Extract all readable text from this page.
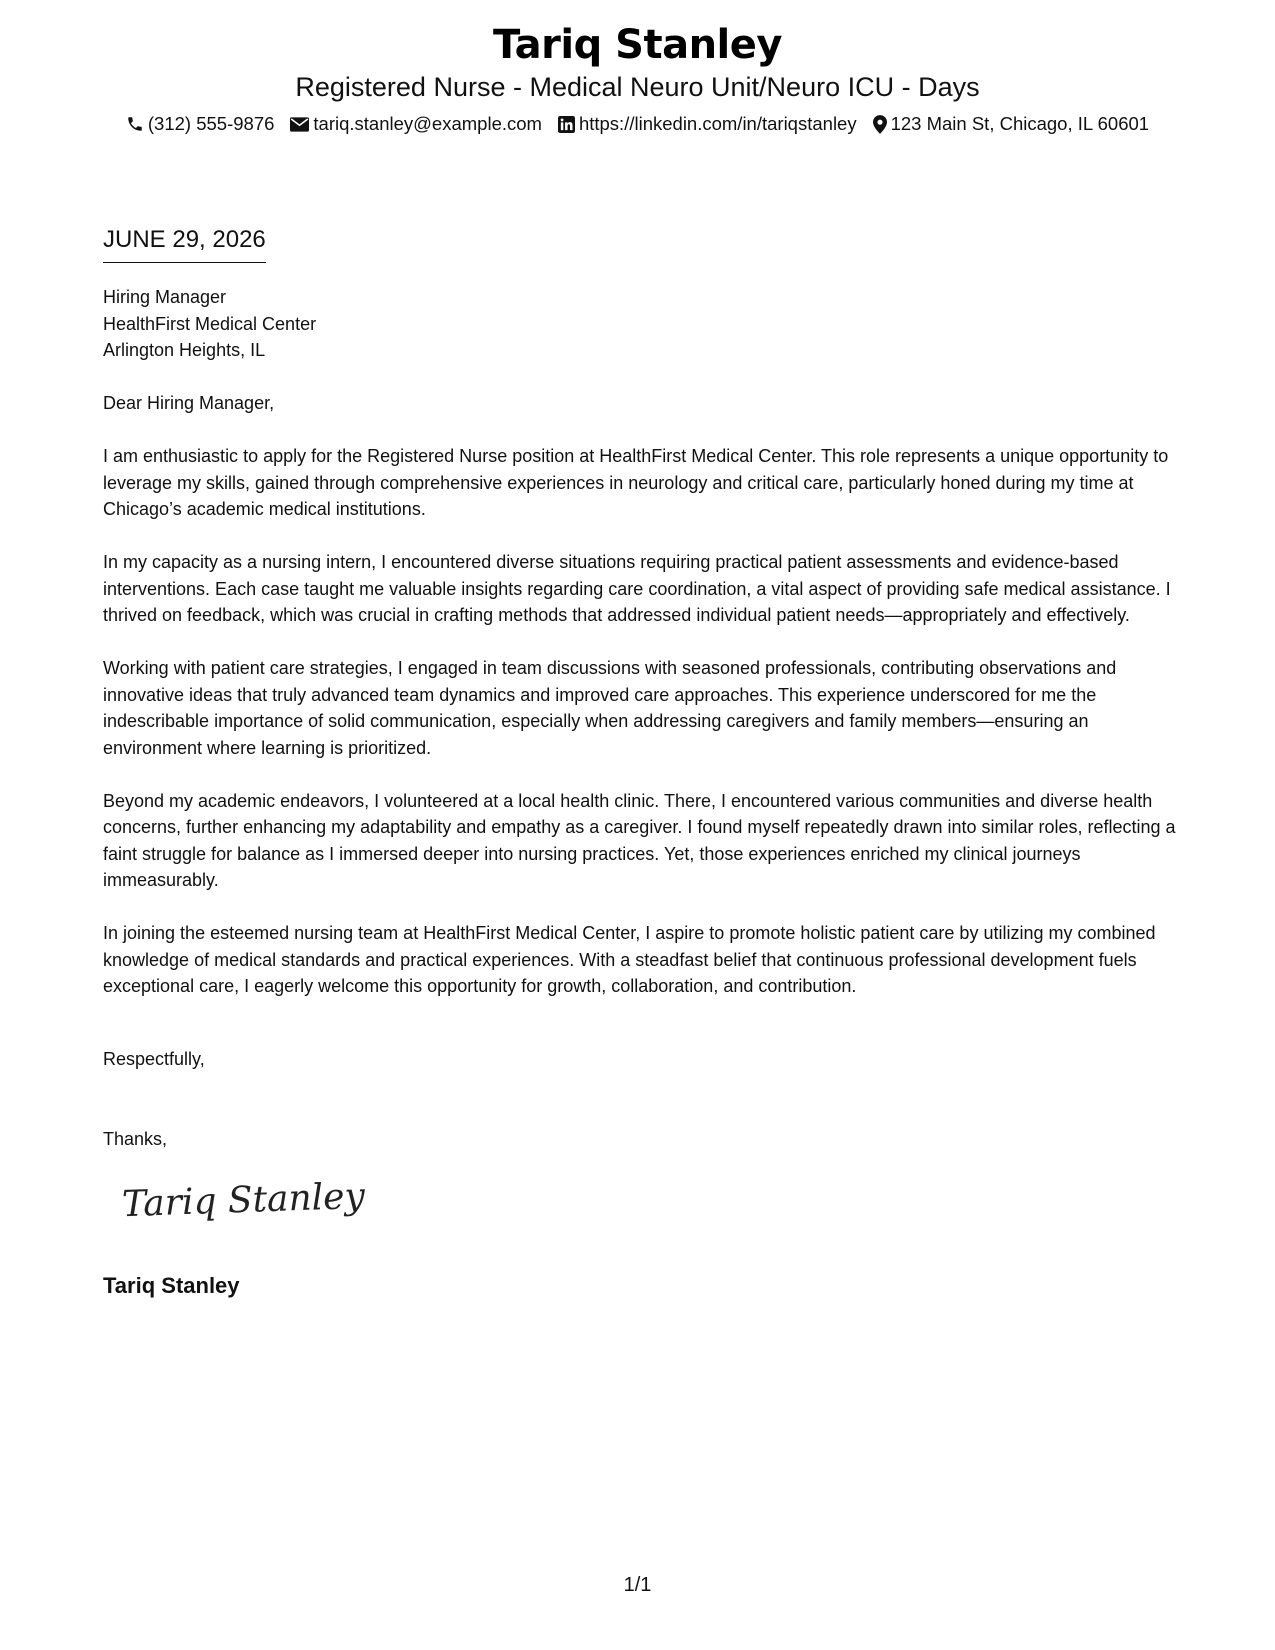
Tariq Stanley
Registered Nurse - Medical Neuro Unit/Neuro ICU - Days
(312) 555-9876 tariq.stanley@example.com https://linkedin.com/in/tariqstanley 123 Main St, Chicago, IL 60601
JUNE 29, 2026
Hiring Manager
HealthFirst Medical Center
Arlington Heights, IL

Dear Hiring Manager,

I am enthusiastic to apply for the Registered Nurse position at HealthFirst Medical Center. This role represents a unique opportunity to leverage my skills, gained through comprehensive experiences in neurology and critical care, particularly honed during my time at Chicago’s academic medical institutions.

In my capacity as a nursing intern, I encountered diverse situations requiring practical patient assessments and evidence-based interventions. Each case taught me valuable insights regarding care coordination, a vital aspect of providing safe medical assistance. I thrived on feedback, which was crucial in crafting methods that addressed individual patient needs—appropriately and effectively.

Working with patient care strategies, I engaged in team discussions with seasoned professionals, contributing observations and innovative ideas that truly advanced team dynamics and improved care approaches. This experience underscored for me the indescribable importance of solid communication, especially when addressing caregivers and family members—ensuring an environment where learning is prioritized.

Beyond my academic endeavors, I volunteered at a local health clinic. There, I encountered various communities and diverse health concerns, further enhancing my adaptability and empathy as a caregiver. I found myself repeatedly drawn into similar roles, reflecting a faint struggle for balance as I immersed deeper into nursing practices. Yet, those experiences enriched my clinical journeys immeasurably.

In joining the esteemed nursing team at HealthFirst Medical Center, I aspire to promote holistic patient care by utilizing my combined knowledge of medical standards and practical experiences. With a steadfast belief that continuous professional development fuels exceptional care, I eagerly welcome this opportunity for growth, collaboration, and contribution.

Respectfully,
Thanks,
Tariq Stanley
Tariq Stanley
1/1
